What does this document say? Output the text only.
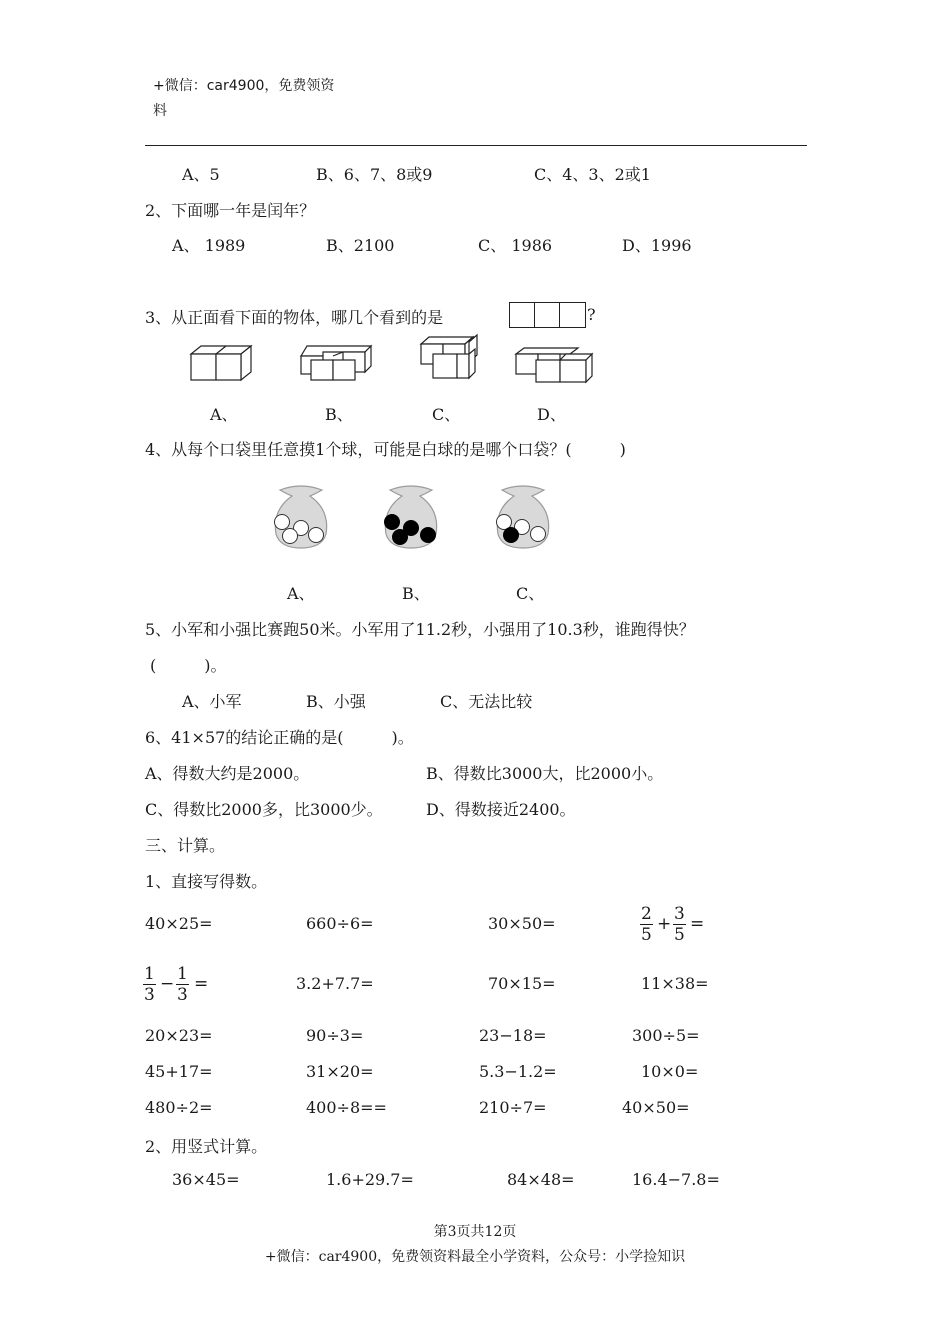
+微信：car4900，免费领资
料
A、5	B、6、7、8或9	C、4、3、2或1
2、下面哪一年是闰年？
A、 1989	B、2100	C、 1986	D、1996
3、从正面看下面的物体，哪几个看到的是	?
A、	B、	C、	D、
4、从每个口袋里任意摸1个球，可能是白球的是哪个口袋？(　　　)
A、	B、	C、
5、小军和小强比赛跑50米。小军用了11.2秒，小强用了10.3秒，谁跑得快？
(　　　)。
A、小军	B、小强	C、无法比较
6、41×57的结论正确的是(　　　)。
A、得数大约是2000。	B、得数比3000大，比2000小。
C、得数比2000多，比3000少。	D、得数接近2400。
三、计算。
1、直接写得数。
40×25=	660÷6=	30×50=	$\frac{2}{5} + \frac{3}{5}$ =
$\frac{1}{3} - \frac{1}{3}$ =	3.2+7.7=	70×15=	11×38=
20×23=	90÷3=	23−18=	300÷5=
45+17=	31×20=	5.3−1.2=	10×0=
480÷2=	400÷8==	210÷7=	40×50=
2、用竖式计算。
36×45=	1.6+29.7=	84×48=	16.4−7.8=
第3页共12页
+微信：car4900，免费领资料最全小学资料，公众号：小学捡知识
